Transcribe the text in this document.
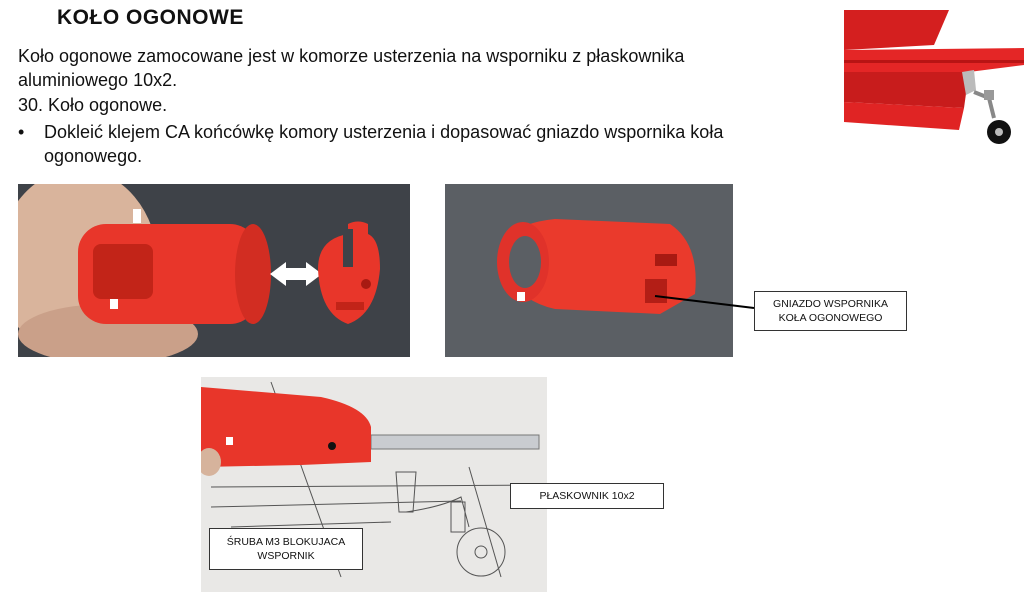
KOŁO OGONOWE
Koło ogonowe zamocowane jest w komorze usterzenia na wsporniku z płaskownika aluminiowego 10x2.
30. Koło ogonowe.
• Dokleić klejem CA końcówkę komory usterzenia i dopasować gniazdo wspornika koła ogonowego.
GNIAZDO WSPORNIKA
KOŁA OGONOWEGO
PŁASKOWNIK 10x2
ŚRUBA M3 BLOKUJACA
WSPORNIK
